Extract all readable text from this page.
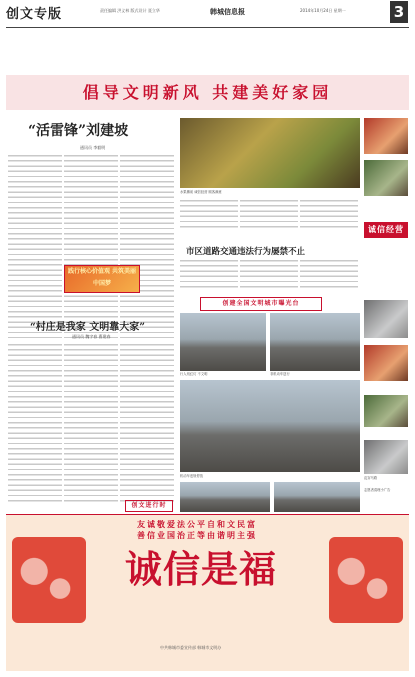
创文专版	责任编辑 洪义林 版式设计 聂立华	韩城信息报	2014年10月24日 星期一	3
倡导文明新风 共建美好家园
“活雷锋”刘建坡
通讯员 李毅明
践行核心价值观 共筑美丽中国梦
“村庄是我家 文明靠大家”
通讯员 魏宇春 曹建春
创文进行时
水果摊前 诚信经营 顾客满意
诚信经营
市区道路交通违法行为屡禁不止
创建全国文明城市曝光台
行人闯红灯 不文明	非机动车逆行
机动车违规停放	乱穿马路
志愿者清理小广告
友诚敬爱法公平自和文民富
善信业国治正等由谐明主强
诚信是福
中共韩城市委宣传部 韩城市文明办
